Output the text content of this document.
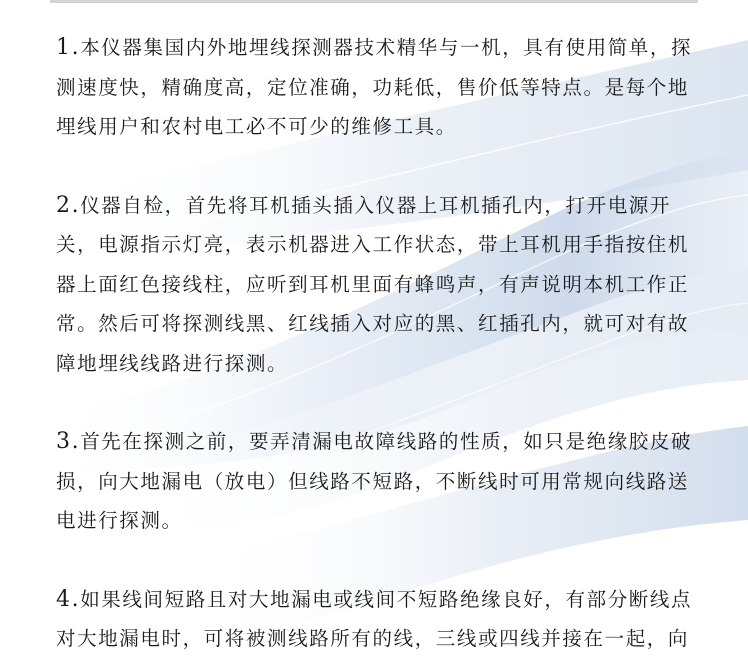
1.本仪器集国内外地埋线探测器技术精华与一机，具有使用简单，探
测速度快，精确度高，定位准确，功耗低，售价低等特点。是每个地
埋线用户和农村电工必不可少的维修工具。

2.仪器自检，首先将耳机插头插入仪器上耳机插孔内，打开电源开
关，电源指示灯亮，表示机器进入工作状态，带上耳机用手指按住机
器上面红色接线柱，应听到耳机里面有蜂鸣声，有声说明本机工作正
常。然后可将探测线黑、红线插入对应的黑、红插孔内，就可对有故
障地埋线线路进行探测。

3.首先在探测之前，要弄清漏电故障线路的性质，如只是绝缘胶皮破
损，向大地漏电（放电）但线路不短路，不断线时可用常规向线路送
电进行探测。

4.如果线间短路且对大地漏电或线间不短路绝缘良好，有部分断线点
对大地漏电时，可将被测线路所有的线，三线或四线并接在一起，向
